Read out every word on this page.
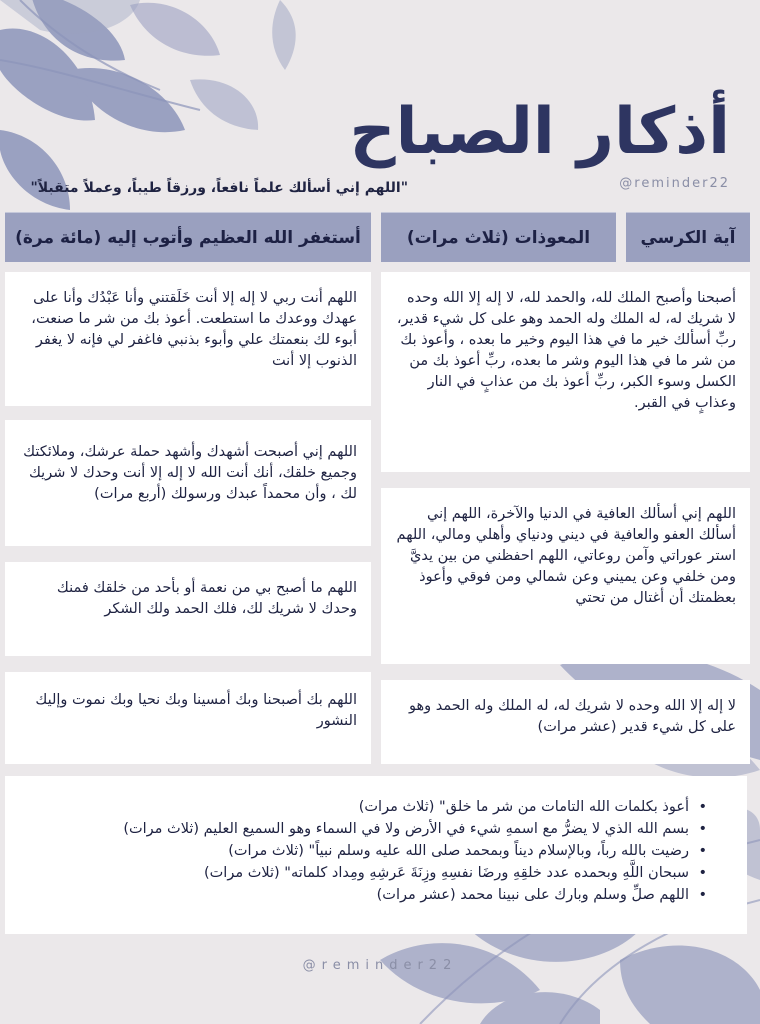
أذكار الصباح
@reminder22
"اللهم إني أسألك علماً نافعاً، ورزقاً طيباً، وعملاً متقبلاً"
آية الكرسي
المعوذات (ثلاث مرات)
أستغفر الله العظيم وأتوب إليه (مائة مرة)
أصبحنا وأصبح الملك لله، والحمد لله، لا إله إلا الله وحده لا شريك له، له الملك وله الحمد وهو على كل شيء قدير، ربِّ أسألك خير ما في هذا اليوم وخير ما بعده ، وأعوذ بك من شر ما في هذا اليوم وشر ما بعده، ربِّ أعوذ بك من الكسل وسوء الكبر، ربِّ أعوذ بك من عذابٍ في النار وعذابٍ في القبر.
اللهم إني أسألك العافية في الدنيا والآخرة، اللهم إني أسألك العفو والعافية في ديني ودنياي وأهلي ومالي، اللهم استر عوراتي وآمن روعاتي، اللهم احفظني من بين يديَّ ومن خلفي وعن يميني وعن شمالي ومن فوقي وأعوذ بعظمتك أن أغتال من تحتي
لا إله إلا الله وحده لا شريك له، له الملك وله الحمد وهو على كل شيء قدير (عشر مرات)
اللهم أنت ربي لا إله إلا أنت خَلَقتني وأنا عَبْدُك وأنا على عهدك ووعدك ما استطعت. أعوذ بك من شر ما صنعت، أبوء لك بنعمتك علي وأبوء بذنبي فاغفر لي فإنه لا يغفر الذنوب إلا أنت
اللهم إني أصبحت أشهدك وأشهد حملة عرشك، وملائكتك وجميع خلقك، أنك أنت الله لا إله إلا أنت وحدك لا شريك لك ، وأن محمداً عبدك ورسولك (أربع مرات)
اللهم ما أصبح بي من نعمة أو بأحد من خلقك فمنك وحدك لا شريك لك، فلك الحمد ولك الشكر
اللهم بك أصبحنا وبك أمسينا وبك نحيا وبك نموت وإليك النشور
• أعوذ بكلمات الله التامات من شر ما خلق" (ثلاث مرات)
• بسم الله الذي لا يضرُّ مع اسمهِ شيء في الأرض ولا في السماء وهو السميع العليم (ثلاث مرات)
• رضيت بالله رباً، وبالإسلام ديناً وبمحمد صلى الله عليه وسلم نبياً" (ثلاث مرات)
• سبحان اللَّهِ وبحمده عدد خلقِهِ ورضَا نفسِهِ وزِنَةَ عَرشِهِ ومِداد كلماته" (ثلاث مرات)
• اللهم صلِّ وسلم وبارك على نبينا محمد (عشر مرات)
@reminder22
